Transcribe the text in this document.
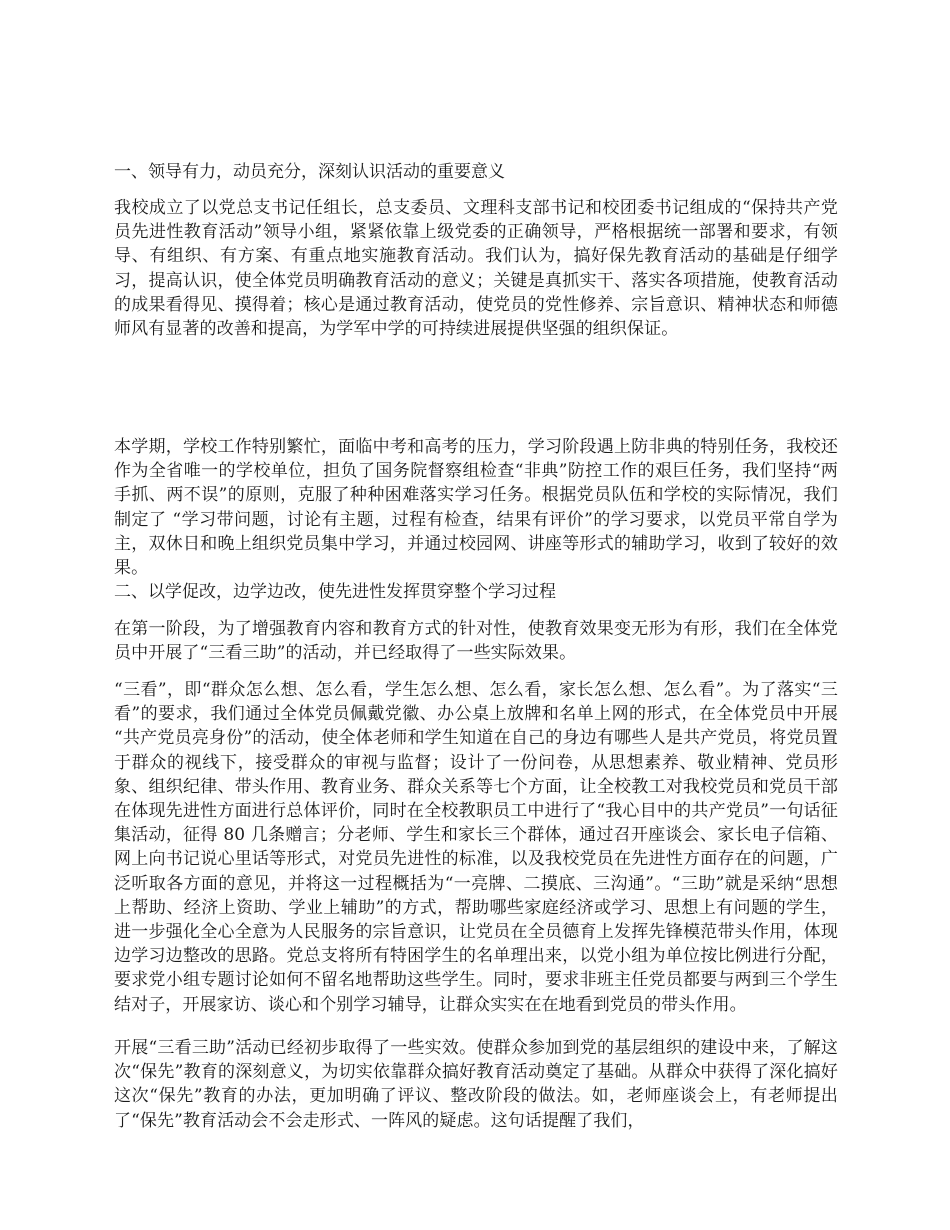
一、领导有力，动员充分，深刻认识活动的重要意义

我校成立了以党总支书记任组长，总支委员、文理科支部书记和校团委书记组成的“保持共产党员先进性教育活动”领导小组，紧紧依靠上级党委的正确领导，严格根据统一部署和要求，有领导、有组织、有方案、有重点地实施教育活动。我们认为，搞好保先教育活动的基础是仔细学习，提高认识，使全体党员明确教育活动的意义；关键是真抓实干、落实各项措施，使教育活动的成果看得见、摸得着；核心是通过教育活动，使党员的党性修养、宗旨意识、精神状态和师德师风有显著的改善和提高，为学军中学的可持续进展提供坚强的组织保证。

本学期，学校工作特别繁忙，面临中考和高考的压力，学习阶段遇上防非典的特别任务，我校还作为全省唯一的学校单位，担负了国务院督察组检查“非典”防控工作的艰巨任务，我们坚持“两手抓、两不误”的原则，克服了种种困难落实学习任务。根据党员队伍和学校的实际情况，我们制定了 “学习带问题，讨论有主题，过程有检查，结果有评价”的学习要求，以党员平常自学为主，双休日和晚上组织党员集中学习，并通过校园网、讲座等形式的辅助学习，收到了较好的效果。

二、以学促改，边学边改，使先进性发挥贯穿整个学习过程

在第一阶段，为了增强教育内容和教育方式的针对性，使教育效果变无形为有形，我们在全体党员中开展了“三看三助”的活动，并已经取得了一些实际效果。

“三看”，即“群众怎么想、怎么看，学生怎么想、怎么看，家长怎么想、怎么看”。为了落实“三看”的要求，我们通过全体党员佩戴党徽、办公桌上放牌和名单上网的形式，在全体党员中开展 “共产党员亮身份”的活动，使全体老师和学生知道在自己的身边有哪些人是共产党员，将党员置于群众的视线下，接受群众的审视与监督；设计了一份问卷，从思想素养、敬业精神、党员形象、组织纪律、带头作用、教育业务、群众关系等七个方面，让全校教工对我校党员和党员干部在体现先进性方面进行总体评价，同时在全校教职员工中进行了“我心目中的共产党员”一句话征集活动，征得 80 几条赠言；分老师、学生和家长三个群体，通过召开座谈会、家长电子信箱、网上向书记说心里话等形式，对党员先进性的标准，以及我校党员在先进性方面存在的问题，广泛听取各方面的意见，并将这一过程概括为“一亮牌、二摸底、三沟通”。“三助”就是采纳“思想上帮助、经济上资助、学业上辅助”的方式，帮助哪些家庭经济或学习、思想上有问题的学生，进一步强化全心全意为人民服务的宗旨意识，让党员在全员德育上发挥先锋模范带头作用，体现边学习边整改的思路。党总支将所有特困学生的名单理出来，以党小组为单位按比例进行分配，要求党小组专题讨论如何不留名地帮助这些学生。同时，要求非班主任党员都要与两到三个学生结对子，开展家访、谈心和个别学习辅导，让群众实实在在地看到党员的带头作用。

开展“三看三助”活动已经初步取得了一些实效。使群众参加到党的基层组织的建设中来，了解这次“保先”教育的深刻意义，为切实依靠群众搞好教育活动奠定了基础。从群众中获得了深化搞好这次“保先”教育的办法，更加明确了评议、整改阶段的做法。如，老师座谈会上，有老师提出了“保先”教育活动会不会走形式、一阵风的疑虑。这句话提醒了我们，
